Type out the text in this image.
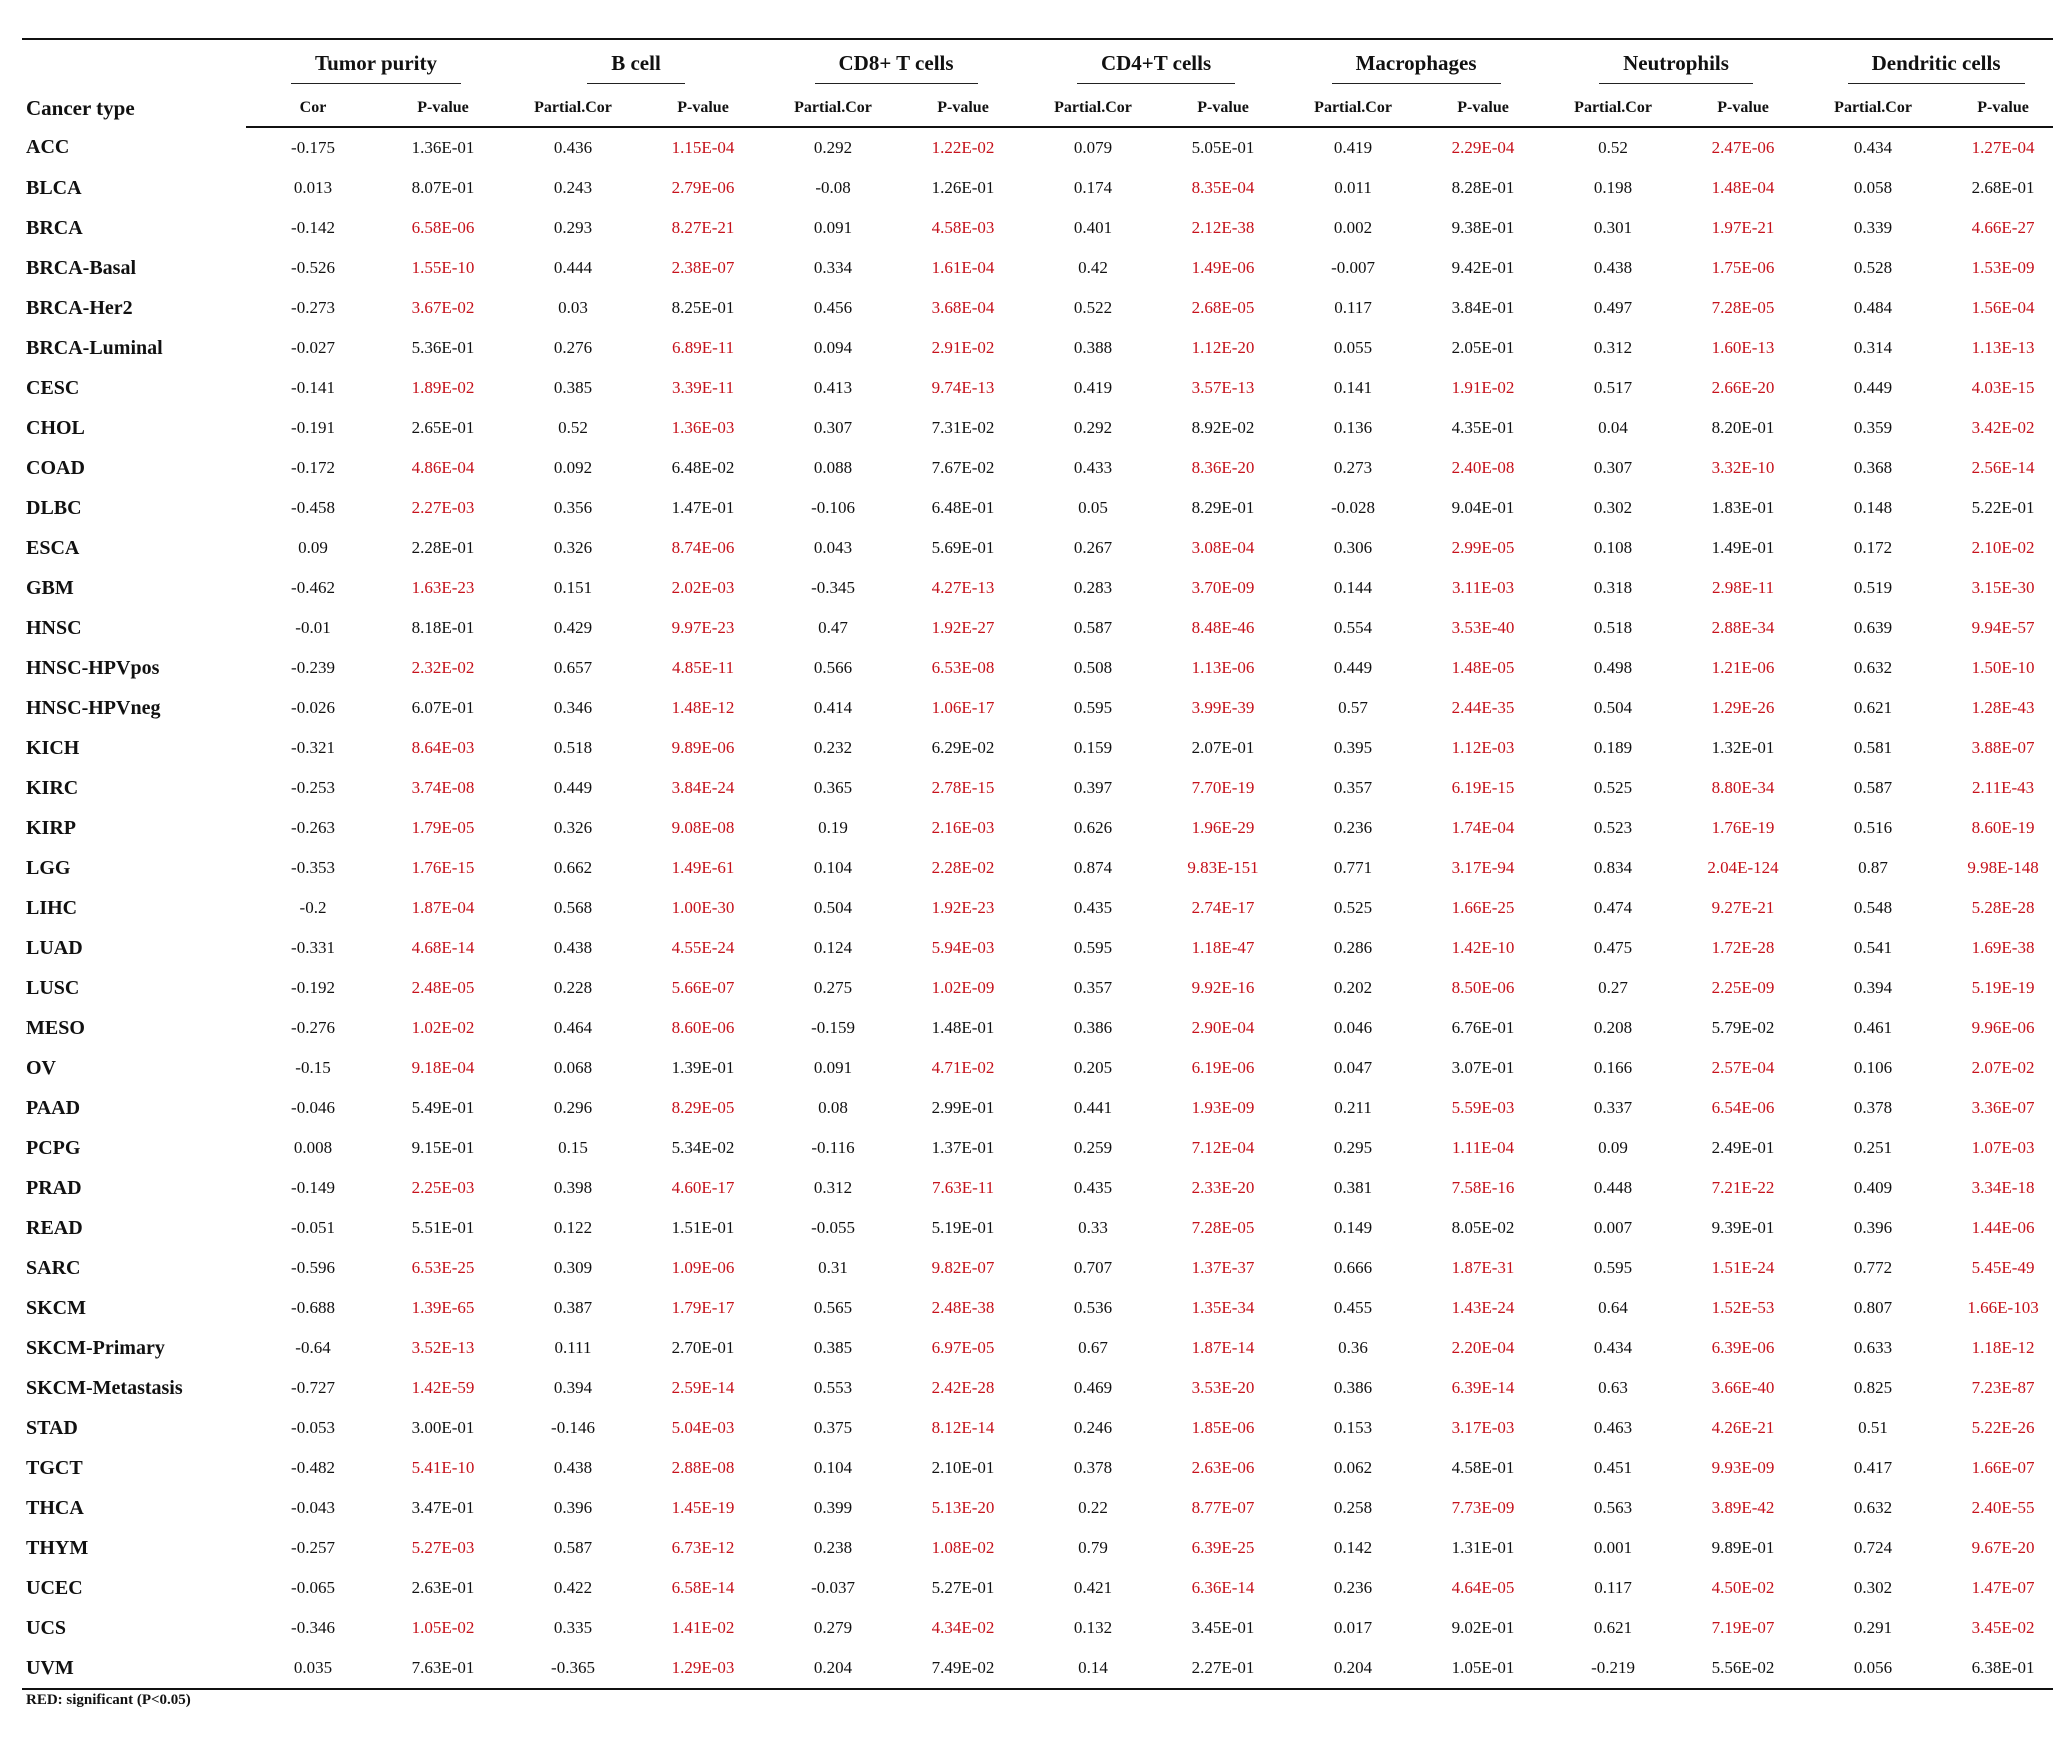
Cancer type	Tumor purity		B cell		CD8+ T cells		CD4+T cells		Macrophages		Neutrophils		Dendritic cells	
	Cor	P-value	Partial.Cor	P-value	Partial.Cor	P-value	Partial.Cor	P-value	Partial.Cor	P-value	Partial.Cor	P-value	Partial.Cor	P-value
ACC	-0.175	1.36E-01	0.436	1.15E-04	0.292	1.22E-02	0.079	5.05E-01	0.419	2.29E-04	0.52	2.47E-06	0.434	1.27E-04
BLCA	0.013	8.07E-01	0.243	2.79E-06	-0.08	1.26E-01	0.174	8.35E-04	0.011	8.28E-01	0.198	1.48E-04	0.058	2.68E-01
BRCA	-0.142	6.58E-06	0.293	8.27E-21	0.091	4.58E-03	0.401	2.12E-38	0.002	9.38E-01	0.301	1.97E-21	0.339	4.66E-27
BRCA-Basal	-0.526	1.55E-10	0.444	2.38E-07	0.334	1.61E-04	0.42	1.49E-06	-0.007	9.42E-01	0.438	1.75E-06	0.528	1.53E-09
BRCA-Her2	-0.273	3.67E-02	0.03	8.25E-01	0.456	3.68E-04	0.522	2.68E-05	0.117	3.84E-01	0.497	7.28E-05	0.484	1.56E-04
BRCA-Luminal	-0.027	5.36E-01	0.276	6.89E-11	0.094	2.91E-02	0.388	1.12E-20	0.055	2.05E-01	0.312	1.60E-13	0.314	1.13E-13
CESC	-0.141	1.89E-02	0.385	3.39E-11	0.413	9.74E-13	0.419	3.57E-13	0.141	1.91E-02	0.517	2.66E-20	0.449	4.03E-15
CHOL	-0.191	2.65E-01	0.52	1.36E-03	0.307	7.31E-02	0.292	8.92E-02	0.136	4.35E-01	0.04	8.20E-01	0.359	3.42E-02
COAD	-0.172	4.86E-04	0.092	6.48E-02	0.088	7.67E-02	0.433	8.36E-20	0.273	2.40E-08	0.307	3.32E-10	0.368	2.56E-14
DLBC	-0.458	2.27E-03	0.356	1.47E-01	-0.106	6.48E-01	0.05	8.29E-01	-0.028	9.04E-01	0.302	1.83E-01	0.148	5.22E-01
ESCA	0.09	2.28E-01	0.326	8.74E-06	0.043	5.69E-01	0.267	3.08E-04	0.306	2.99E-05	0.108	1.49E-01	0.172	2.10E-02
GBM	-0.462	1.63E-23	0.151	2.02E-03	-0.345	4.27E-13	0.283	3.70E-09	0.144	3.11E-03	0.318	2.98E-11	0.519	3.15E-30
HNSC	-0.01	8.18E-01	0.429	9.97E-23	0.47	1.92E-27	0.587	8.48E-46	0.554	3.53E-40	0.518	2.88E-34	0.639	9.94E-57
HNSC-HPVpos	-0.239	2.32E-02	0.657	4.85E-11	0.566	6.53E-08	0.508	1.13E-06	0.449	1.48E-05	0.498	1.21E-06	0.632	1.50E-10
HNSC-HPVneg	-0.026	6.07E-01	0.346	1.48E-12	0.414	1.06E-17	0.595	3.99E-39	0.57	2.44E-35	0.504	1.29E-26	0.621	1.28E-43
KICH	-0.321	8.64E-03	0.518	9.89E-06	0.232	6.29E-02	0.159	2.07E-01	0.395	1.12E-03	0.189	1.32E-01	0.581	3.88E-07
KIRC	-0.253	3.74E-08	0.449	3.84E-24	0.365	2.78E-15	0.397	7.70E-19	0.357	6.19E-15	0.525	8.80E-34	0.587	2.11E-43
KIRP	-0.263	1.79E-05	0.326	9.08E-08	0.19	2.16E-03	0.626	1.96E-29	0.236	1.74E-04	0.523	1.76E-19	0.516	8.60E-19
LGG	-0.353	1.76E-15	0.662	1.49E-61	0.104	2.28E-02	0.874	9.83E-151	0.771	3.17E-94	0.834	2.04E-124	0.87	9.98E-148
LIHC	-0.2	1.87E-04	0.568	1.00E-30	0.504	1.92E-23	0.435	2.74E-17	0.525	1.66E-25	0.474	9.27E-21	0.548	5.28E-28
LUAD	-0.331	4.68E-14	0.438	4.55E-24	0.124	5.94E-03	0.595	1.18E-47	0.286	1.42E-10	0.475	1.72E-28	0.541	1.69E-38
LUSC	-0.192	2.48E-05	0.228	5.66E-07	0.275	1.02E-09	0.357	9.92E-16	0.202	8.50E-06	0.27	2.25E-09	0.394	5.19E-19
MESO	-0.276	1.02E-02	0.464	8.60E-06	-0.159	1.48E-01	0.386	2.90E-04	0.046	6.76E-01	0.208	5.79E-02	0.461	9.96E-06
OV	-0.15	9.18E-04	0.068	1.39E-01	0.091	4.71E-02	0.205	6.19E-06	0.047	3.07E-01	0.166	2.57E-04	0.106	2.07E-02
PAAD	-0.046	5.49E-01	0.296	8.29E-05	0.08	2.99E-01	0.441	1.93E-09	0.211	5.59E-03	0.337	6.54E-06	0.378	3.36E-07
PCPG	0.008	9.15E-01	0.15	5.34E-02	-0.116	1.37E-01	0.259	7.12E-04	0.295	1.11E-04	0.09	2.49E-01	0.251	1.07E-03
PRAD	-0.149	2.25E-03	0.398	4.60E-17	0.312	7.63E-11	0.435	2.33E-20	0.381	7.58E-16	0.448	7.21E-22	0.409	3.34E-18
READ	-0.051	5.51E-01	0.122	1.51E-01	-0.055	5.19E-01	0.33	7.28E-05	0.149	8.05E-02	0.007	9.39E-01	0.396	1.44E-06
SARC	-0.596	6.53E-25	0.309	1.09E-06	0.31	9.82E-07	0.707	1.37E-37	0.666	1.87E-31	0.595	1.51E-24	0.772	5.45E-49
SKCM	-0.688	1.39E-65	0.387	1.79E-17	0.565	2.48E-38	0.536	1.35E-34	0.455	1.43E-24	0.64	1.52E-53	0.807	1.66E-103
SKCM-Primary	-0.64	3.52E-13	0.111	2.70E-01	0.385	6.97E-05	0.67	1.87E-14	0.36	2.20E-04	0.434	6.39E-06	0.633	1.18E-12
SKCM-Metastasis	-0.727	1.42E-59	0.394	2.59E-14	0.553	2.42E-28	0.469	3.53E-20	0.386	6.39E-14	0.63	3.66E-40	0.825	7.23E-87
STAD	-0.053	3.00E-01	-0.146	5.04E-03	0.375	8.12E-14	0.246	1.85E-06	0.153	3.17E-03	0.463	4.26E-21	0.51	5.22E-26
TGCT	-0.482	5.41E-10	0.438	2.88E-08	0.104	2.10E-01	0.378	2.63E-06	0.062	4.58E-01	0.451	9.93E-09	0.417	1.66E-07
THCA	-0.043	3.47E-01	0.396	1.45E-19	0.399	5.13E-20	0.22	8.77E-07	0.258	7.73E-09	0.563	3.89E-42	0.632	2.40E-55
THYM	-0.257	5.27E-03	0.587	6.73E-12	0.238	1.08E-02	0.79	6.39E-25	0.142	1.31E-01	0.001	9.89E-01	0.724	9.67E-20
UCEC	-0.065	2.63E-01	0.422	6.58E-14	-0.037	5.27E-01	0.421	6.36E-14	0.236	4.64E-05	0.117	4.50E-02	0.302	1.47E-07
UCS	-0.346	1.05E-02	0.335	1.41E-02	0.279	4.34E-02	0.132	3.45E-01	0.017	9.02E-01	0.621	7.19E-07	0.291	3.45E-02
UVM	0.035	7.63E-01	-0.365	1.29E-03	0.204	7.49E-02	0.14	2.27E-01	0.204	1.05E-01	-0.219	5.56E-02	0.056	6.38E-01
RED: significant (P<0.05)
